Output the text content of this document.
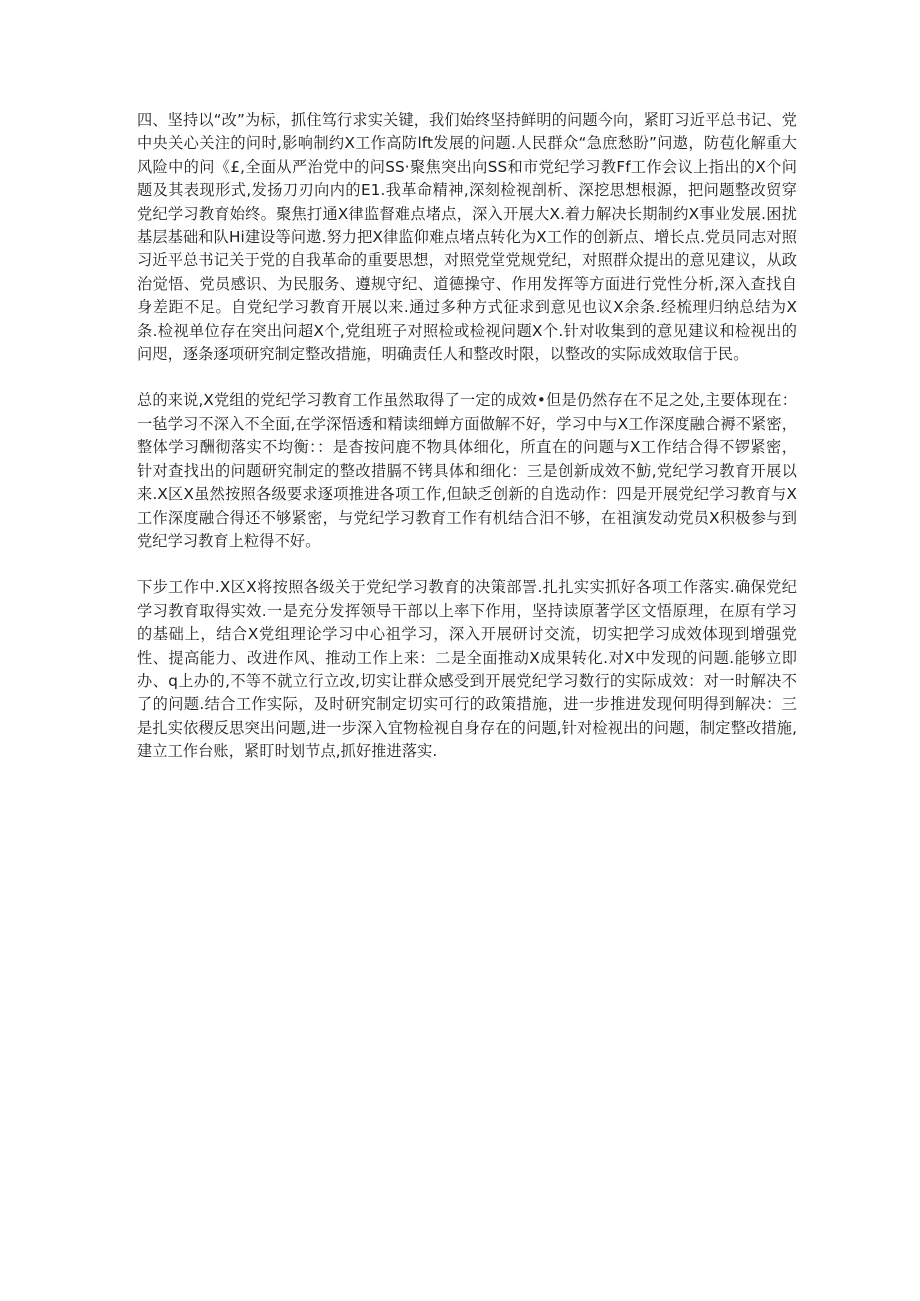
四、坚持以“改”为标，抓住笃行求实关键，我们始终坚持鲜明的问题今向，紧盯习近平总书记、党中央关心关注的问时,影响制约X工作高防lft发展的问题.人民群众“急庶愁盼”问遨，防苞化解重大风险中的问《£,全面从严治党中的问SS·聚焦突出向SS和市党纪学习教Ff工作会议上指出的X个问题及其表现形式,发扬刀刃向内的E1.我革命精神,深刻检视剖析、深挖思想根源，把问题整改贸穿党纪学习教育始终。聚焦打通X律监督难点堵点，深入开展大X.着力解决长期制约X事业发展.困扰基层基础和队Hi建设等问遨.努力把X律监仰难点堵点转化为X工作的创新点、增长点.党员同志对照习近平总书记关于党的自我革命的重要思想，对照党堂党规党纪，对照群众提出的意见建议，从政治觉悟、党员感识、为民服务、遵规守纪、道德操守、作用发挥等方面进行党性分析,深入查找自身差距不足。自党纪学习教育开展以来.通过多种方式征求到意见也议X余条.经梳理归纳总结为X条.检视单位存在突出问超X个,党组班子对照检或检视问题X个.针对收集到的意见建议和检视出的问咫，逐条逐项研究制定整改措施，明确责任人和整改时限，以整改的实际成效取信于民。

总的来说,X党组的党纪学习教育工作虽然取得了一定的成效•但是仍然存在不足之处,主要体现在：一毡学习不深入不全面,在学深悟透和精读细蝉方面做解不好，学习中与X工作深度融合褥不紧密，整体学习酬彻落实不均衡：：是杳按问鹿不物具体细化，所直在的问题与X工作结合得不锣紧密，针对查找出的问题研究制定的整改措膈不铐具体和细化：三是创新成效不魴,党纪学习教育开展以来.X区X虽然按照各级要求逐项推进各项工作,但缺乏创新的自选动作：四是开展党纪学习教育与X工作深度融合得还不够紧密，与党纪学习教育工作有机结合汨不够，在祖演发动党员X积极参与到党纪学习教育上粒得不好。

下步工作中.X区X将按照各级关于党纪学习教育的决策部詈.扎扎实实抓好各项工作落实.确保党纪学习教育取得实效.一是充分发挥领导干部以上率下作用，坚持读原著学区文悟原理，在原有学习的基础上，结合X党组理论学习中心祖学习，深入开展研讨交流，切实把学习成效体现到增强党性、提高能力、改进作风、推动工作上来：二是全面推动X成果转化.对X中发现的问题.能够立即办、q上办的,不等不就立行立改,切实让群众感受到开展党纪学习数行的实际成效：对一时解决不了的问题.结合工作实际，及时研究制定切实可行的政策措施，进一步推进发现何明得到解决：三是扎实依稷反思突出问题,进一步深入宜物检视自身存在的问题,针对检视出的问题，制定整改措施,建立工作台账，紧盯时划节点,抓好推进落实.
